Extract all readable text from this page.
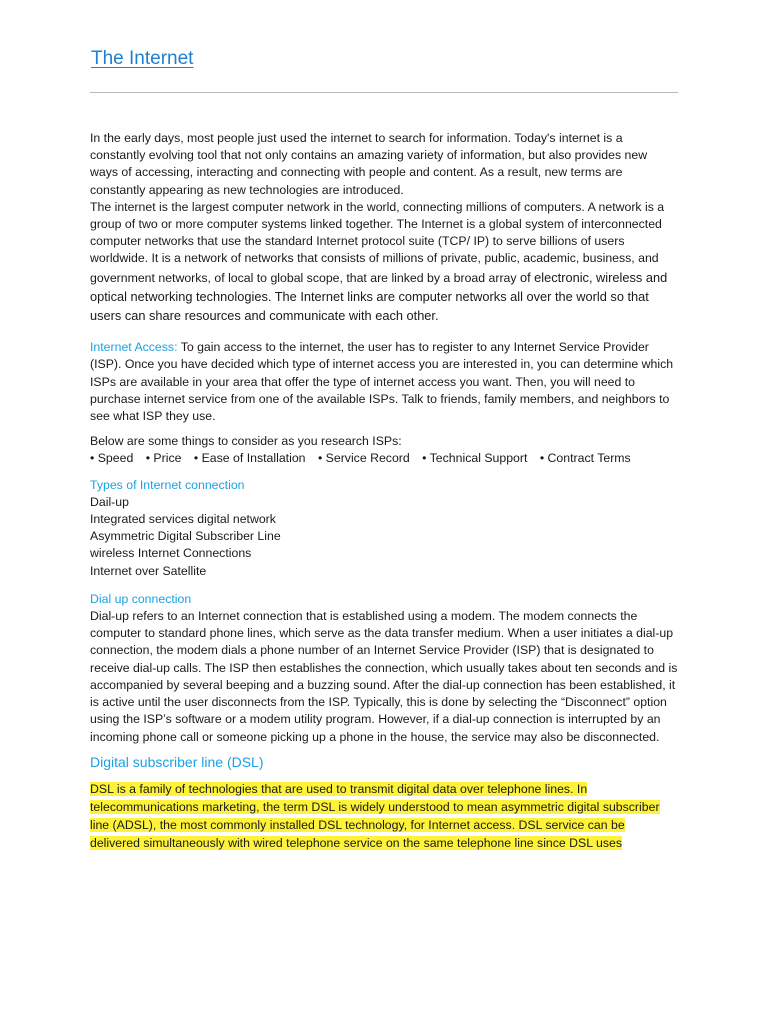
The Internet

In the early days, most people just used the internet to search for information. Today's internet is a constantly evolving tool that not only contains an amazing variety of information, but also provides new ways of accessing, interacting and connecting with people and content. As a result, new terms are constantly appearing as new technologies are introduced.

The internet is the largest computer network in the world, connecting millions of computers. A network is a group of two or more computer systems linked together. The Internet is a global system of interconnected computer networks that use the standard Internet protocol suite (TCP/ IP) to serve billions of users worldwide. It is a network of networks that consists of millions of private, public, academic, business, and government networks, of local to global scope, that are linked by a broad array of electronic, wireless and optical networking technologies. The Internet links are computer networks all over the world so that users can share resources and communicate with each other.

Internet Access: To gain access to the internet, the user has to register to any Internet Service Provider (ISP). Once you have decided which type of internet access you are interested in, you can determine which ISPs are available in your area that offer the type of internet access you want. Then, you will need to purchase internet service from one of the available ISPs. Talk to friends, family members, and neighbors to see what ISP they use.

Below are some things to consider as you research ISPs:

• Speed • Price • Ease of Installation • Service Record • Technical Support • Contract Terms

Types of Internet connection
Dail-up
Integrated services digital network
Asymmetric Digital Subscriber Line
wireless Internet Connections
Internet over Satellite
Dial up connection

Dial-up refers to an Internet connection that is established using a modem. The modem connects the computer to standard phone lines, which serve as the data transfer medium. When a user initiates a dial-up connection, the modem dials a phone number of an Internet Service Provider (ISP) that is designated to receive dial-up calls. The ISP then establishes the connection, which usually takes about ten seconds and is accompanied by several beeping and a buzzing sound. After the dial-up connection has been established, it is active until the user disconnects from the ISP. Typically, this is done by selecting the “Disconnect” option using the ISP’s software or a modem utility program. However, if a dial-up connection is interrupted by an incoming phone call or someone picking up a phone in the house, the service may also be disconnected.

Digital subscriber line (DSL)
DSL is a family of technologies that are used to transmit digital data over telephone lines. In telecommunications marketing, the term DSL is widely understood to mean asymmetric digital subscriber line (ADSL), the most commonly installed DSL technology, for Internet access. DSL service can be delivered simultaneously with wired telephone service on the same telephone line since DSL uses
